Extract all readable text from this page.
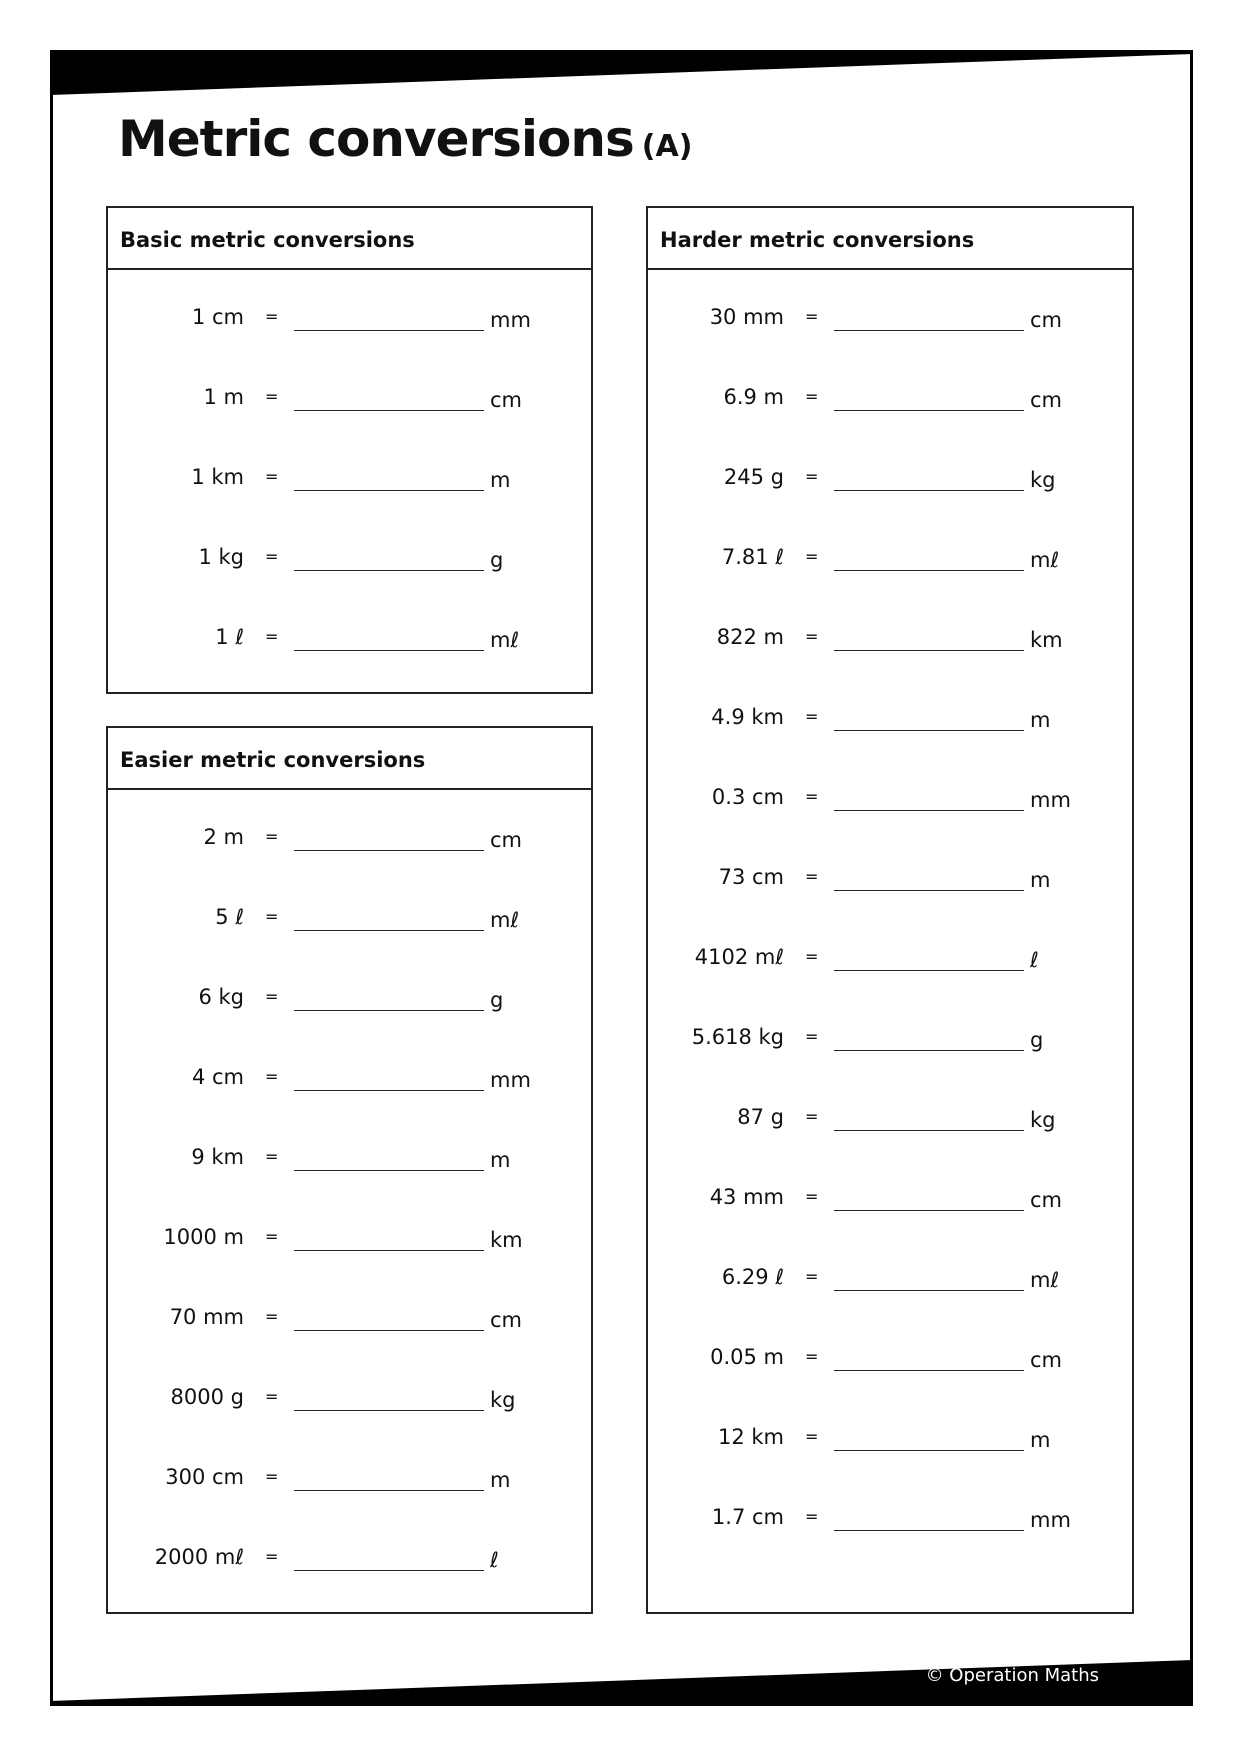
Metric conversions (A)
Basic metric conversions
1 cm =	mm
1 m =	cm
1 km =	m
1 kg =	g
1 ℓ =	mℓ
Easier metric conversions
2 m =	cm
5 ℓ =	mℓ
6 kg =	g
4 cm =	mm
9 km =	m
1000 m =	km
70 mm =	cm
8000 g =	kg
300 cm =	m
2000 mℓ =	ℓ
Harder metric conversions
30 mm =	cm
6.9 m =	cm
245 g =	kg
7.81 ℓ =	mℓ
822 m =	km
4.9 km =	m
0.3 cm =	mm
73 cm =	m
4102 mℓ =	ℓ
5.618 kg =	g
87 g =	kg
43 mm =	cm
6.29 ℓ =	mℓ
0.05 m =	cm
12 km =	m
1.7 cm =	mm
© Operation Maths
